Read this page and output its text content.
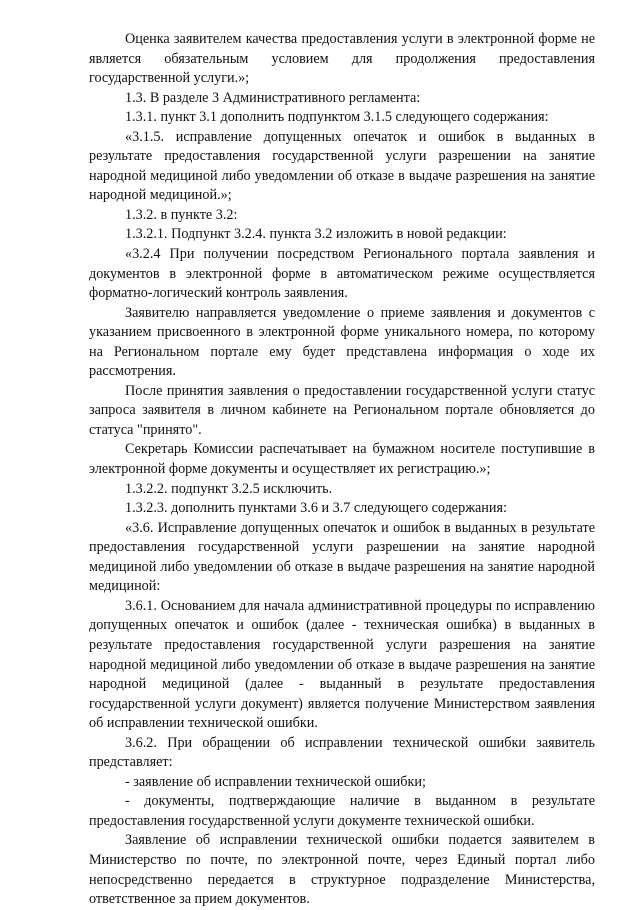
Оценка заявителем качества предоставления услуги в электронной форме не является обязательным условием для продолжения предоставления государственной услуги.»;

1.3. В разделе 3 Административного регламента:

1.3.1. пункт 3.1 дополнить подпунктом 3.1.5 следующего содержания:

«3.1.5. исправление допущенных опечаток и ошибок в выданных в результате предоставления государственной услуги разрешении на занятие народной медициной либо уведомлении об отказе в выдаче разрешения на занятие народной медициной.»;

1.3.2. в пункте 3.2:

1.3.2.1. Подпункт 3.2.4. пункта 3.2 изложить в новой редакции:

«3.2.4 При получении посредством Регионального портала заявления и документов в электронной форме в автоматическом режиме осуществляется форматно-логический контроль заявления.

Заявителю направляется уведомление о приеме заявления и документов с указанием присвоенного в электронной форме уникального номера, по которому на Региональном портале ему будет представлена информация о ходе их рассмотрения.

После принятия заявления о предоставлении государственной услуги статус запроса заявителя в личном кабинете на Региональном портале обновляется до статуса "принято".

Секретарь Комиссии распечатывает на бумажном носителе поступившие в электронной форме документы и осуществляет их регистрацию.»;

1.3.2.2. подпункт 3.2.5 исключить.

1.3.2.3. дополнить пунктами 3.6 и 3.7 следующего содержания:

«3.6. Исправление допущенных опечаток и ошибок в выданных в результате предоставления государственной услуги разрешении на занятие народной медициной либо уведомлении об отказе в выдаче разрешения на занятие народной медициной:

3.6.1. Основанием для начала административной процедуры по исправлению допущенных опечаток и ошибок (далее - техническая ошибка) в выданных в результате предоставления государственной услуги разрешения на занятие народной медициной либо уведомлении об отказе в выдаче разрешения на занятие народной медициной (далее - выданный в результате предоставления государственной услуги документ) является получение Министерством заявления об исправлении технической ошибки.

3.6.2. При обращении об исправлении технической ошибки заявитель представляет:

- заявление об исправлении технической ошибки;

- документы, подтверждающие наличие в выданном в результате предоставления государственной услуги документе технической ошибки.

Заявление об исправлении технической ошибки подается заявителем в Министерство по почте, по электронной почте, через Единый портал либо непосредственно передается в структурное подразделение Министерства, ответственное за прием документов.
